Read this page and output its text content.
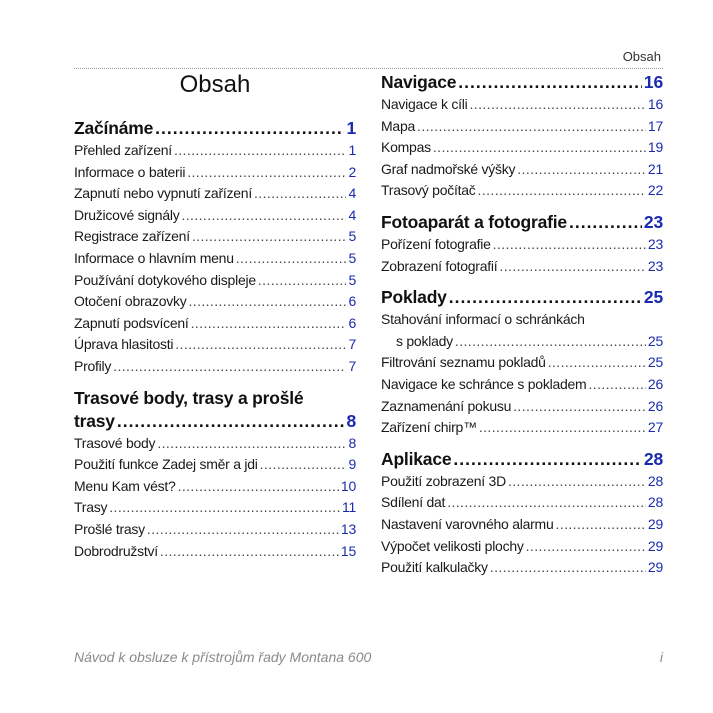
Obsah
Obsah
Začínáme .....	1
Přehled zařízení .....	1
Informace o baterii .....	2
Zapnutí nebo vypnutí zařízení .....	4
Družicové signály .....	4
Registrace zařízení .....	5
Informace o hlavním menu .....	5
Používání dotykového displeje .....	5
Otočení obrazovky .....	6
Zapnutí podsvícení .....	6
Úprava hlasitosti .....	7
Profily .....	7
Trasové body, trasy a prošlé
trasy .....	8
Trasové body .....	8
Použití funkce Zadej směr a jdi .....	9
Menu Kam vést? .....	10
Trasy .....	11
Prošlé trasy .....	13
Dobrodružství .....	15
Navigace .....	16
Navigace k cíli .....	16
Mapa .....	17
Kompas .....	19
Graf nadmořské výšky .....	21
Trasový počítač .....	22
Fotoaparát a fotografie .....	23
Pořízení fotografie .....	23
Zobrazení fotografií .....	23
Poklady .....	25
Stahování informací o schránkách
s poklady .....	25
Filtrování seznamu pokladů .....	25
Navigace ke schránce s pokladem .....	26
Zaznamenání pokusu .....	26
Zařízení chirp™ .....	27
Aplikace .....	28
Použití zobrazení 3D .....	28
Sdílení dat .....	28
Nastavení varovného alarmu .....	29
Výpočet velikosti plochy .....	29
Použití kalkulačky .....	29
Návod k obsluze k přístrojům řady Montana 600	i
